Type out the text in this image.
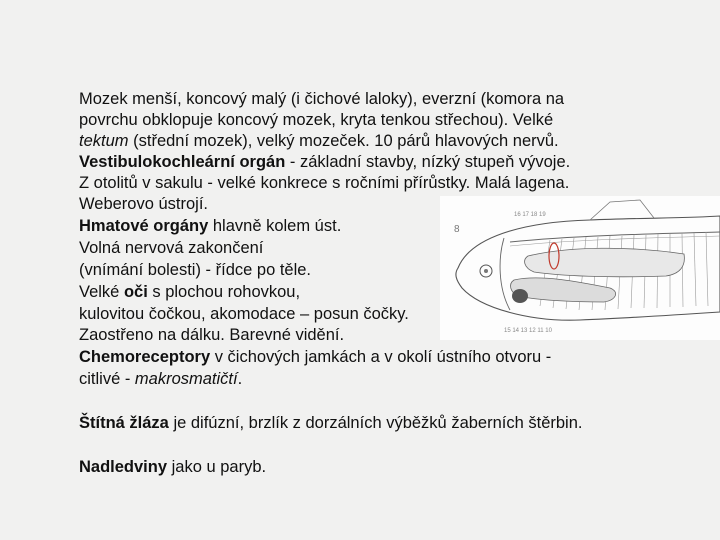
Mozek menší, koncový malý (i čichové laloky), everzní (komora na
povrchu obklopuje koncový mozek, kryta tenkou střechou). Velké
tektum (střední mozek), velký mozeček. 10 párů hlavových nervů.
Vestibulokochleární orgán - základní stavby, nízký stupeň vývoje.
Z otolitů v sakulu - velké konkrece s ročními přírůstky. Malá lagena.
Weberovo ústrojí.
Hmatové orgány hlavně kolem úst.
Volná nervová zakončení
(vnímání bolesti) - řídce po těle.
Velké oči s plochou rohovkou,
kulovitou čočkou, akomodace – posun čočky.
Zaostřeno na dálku. Barevné vidění.
Chemoreceptory v čichových jamkách a v okolí ústního otvoru -
citlivé - makrosmatičtí.
Štítná žláza je difúzní, brzlík z dorzálních výběžků žaberních štěrbin.
Nadledviny jako u paryb.
8
16 17 18 19
15 14 13 12 11 10
